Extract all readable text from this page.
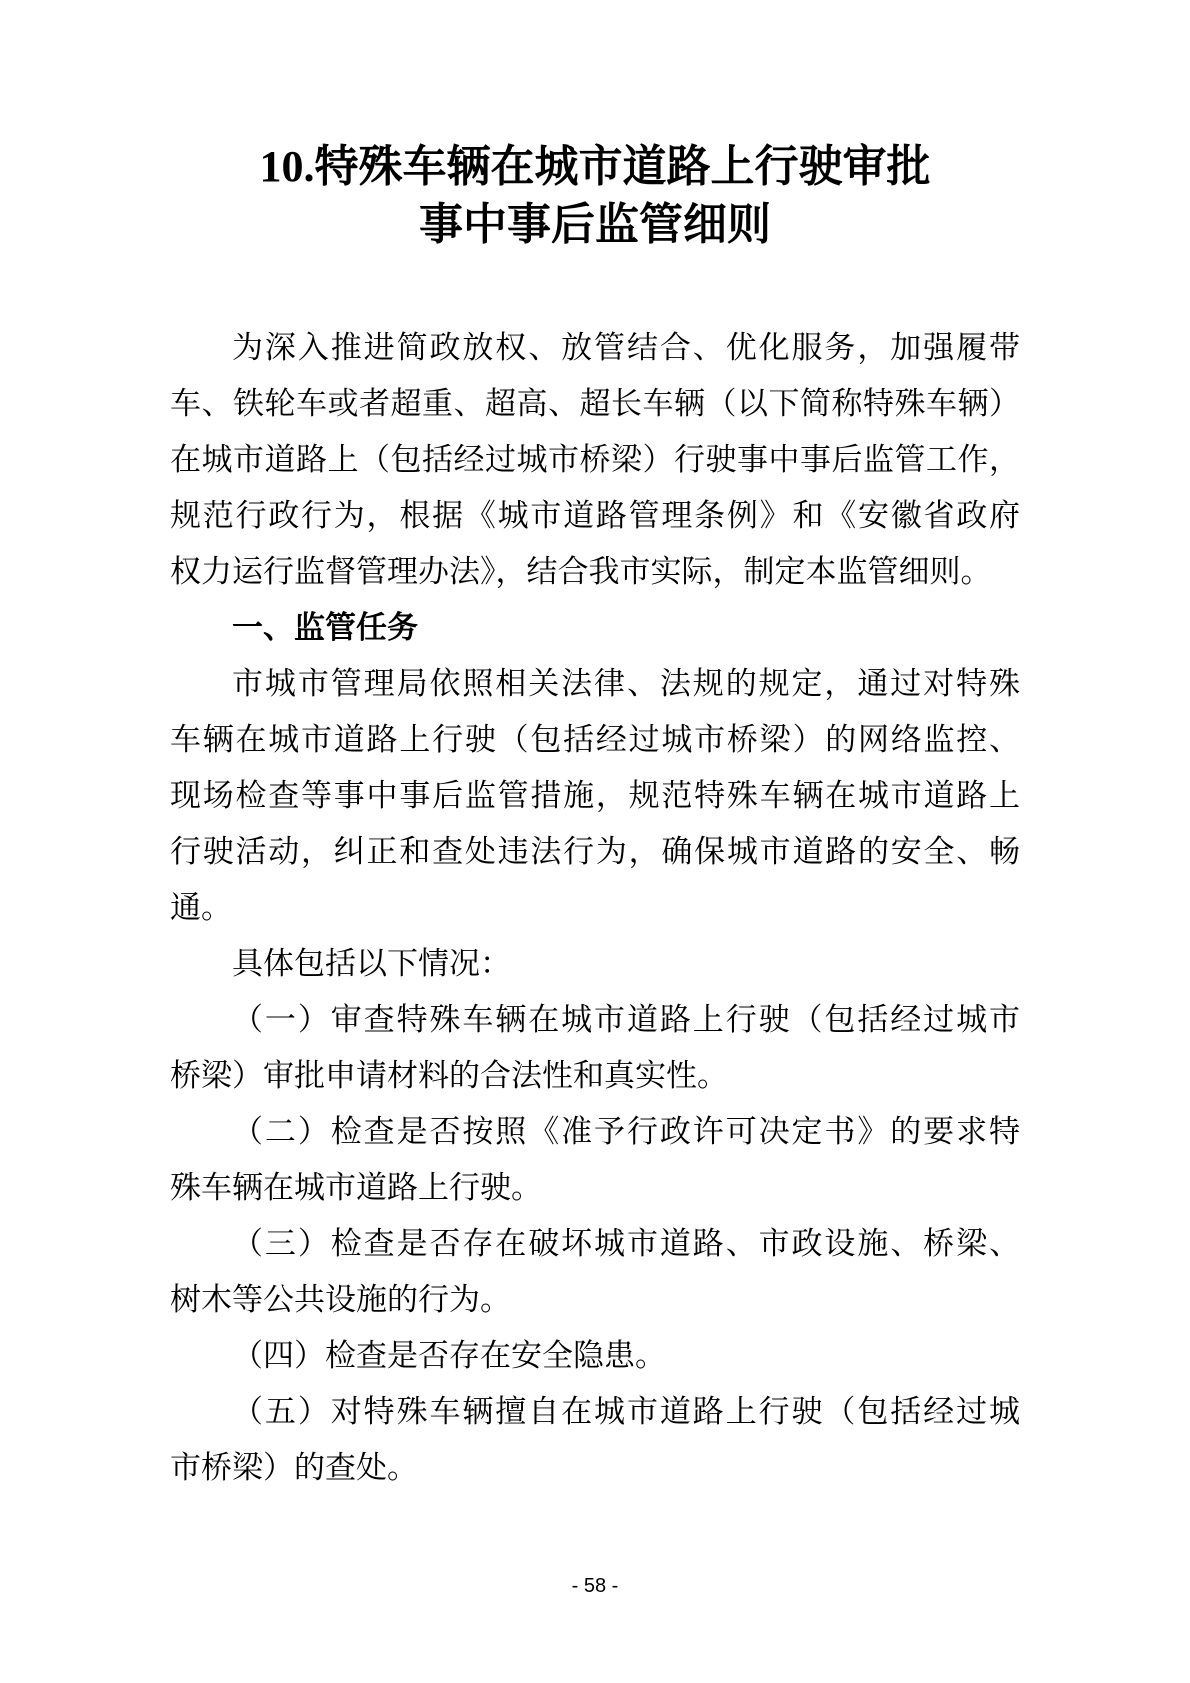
10.特殊车辆在城市道路上行驶审批
事中事后监管细则
为深入推进简政放权、放管结合、优化服务，加强履带
车、铁轮车或者超重、超高、超长车辆（以下简称特殊车辆）
在城市道路上（包括经过城市桥梁）行驶事中事后监管工作，
规范行政行为，根据《城市道路管理条例》和《安徽省政府
权力运行监督管理办法》，结合我市实际，制定本监管细则。
一、监管任务
市城市管理局依照相关法律、法规的规定，通过对特殊
车辆在城市道路上行驶（包括经过城市桥梁）的网络监控、
现场检查等事中事后监管措施，规范特殊车辆在城市道路上
行驶活动，纠正和查处违法行为，确保城市道路的安全、畅
通。
具体包括以下情况：
（一）审查特殊车辆在城市道路上行驶（包括经过城市
桥梁）审批申请材料的合法性和真实性。
（二）检查是否按照《准予行政许可决定书》的要求特
殊车辆在城市道路上行驶。
（三）检查是否存在破坏城市道路、市政设施、桥梁、
树木等公共设施的行为。
（四）检查是否存在安全隐患。
（五）对特殊车辆擅自在城市道路上行驶（包括经过城
市桥梁）的查处。
- 58 -
